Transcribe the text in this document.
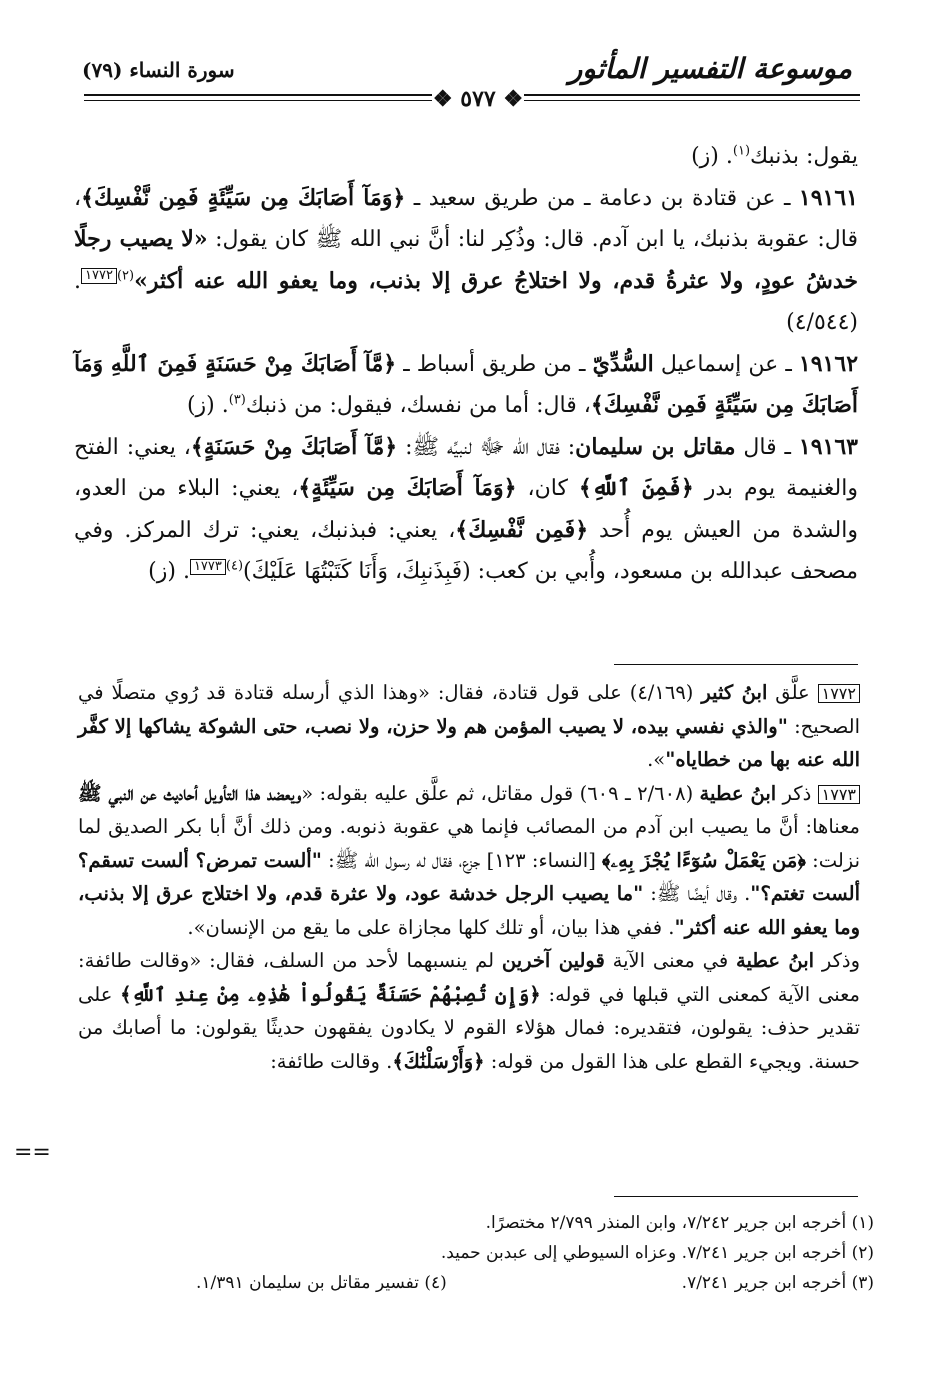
موسوعة التفسير المأثور
سورة النساء (٧٩)
❖ ٥٧٧ ❖

يقول: بذنبك$^{(١)}$. (ز)

١٩١٦١ ـ عن قتادة بن دعامة ـ من طريق سعيد ـ ﴿وَمَآ أَصَابَكَ مِن سَيِّئَةٍ فَمِن نَّفْسِكَ﴾، قال: عقوبة بذنبك، يا ابن آدم. قال: وذُكِر لنا: أنَّ نبي الله ﷺ كان يقول: «لا يصيب رجلًا خدشُ عودٍ، ولا عثرةُ قدم، ولا اختلاجُ عرق إلا بذنب، وما يعفو الله عنه أكثر»$^{(٢)}$١٧٧٢. (٤/٥٤٤)

١٩١٦٢ ـ عن إسماعيل السُّدِّيّ ـ من طريق أسباط ـ ﴿مَّآ أَصَابَكَ مِنْ حَسَنَةٍ فَمِنَ ٱللَّهِ وَمَآ أَصَابَكَ مِن سَيِّئَةٍ فَمِن نَّفْسِكَ﴾، قال: أما من نفسك، فيقول: من ذنبك$^{(٣)}$. (ز)

١٩١٦٣ ـ قال مقاتل بن سليمان: فقال الله ﷻ لنبيِّه ﷺ: ﴿مَّآ أَصَابَكَ مِنْ حَسَنَةٍ﴾، يعني: الفتح والغنيمة يوم بدر ﴿فَمِنَ ٱللَّهِ﴾ كان، ﴿وَمَآ أَصَابَكَ مِن سَيِّئَةٍ﴾، يعني: البلاء من العدو، والشدة من العيش يوم أُحد ﴿فَمِن نَّفْسِكَ﴾، يعني: فبذنبك، يعني: ترك المركز. وفي مصحف عبدالله بن مسعود، وأُبي بن كعب: (فَبِذَنبِكَ، وَأَنَا كَتَبْتُهَا عَلَيْكَ)$^{(٤)}$١٧٧٣. (ز)

١٧٧٢ علَّق ابنُ كثير (٤/١٦٩) على قول قتادة، فقال: «وهذا الذي أرسله قتادة قد رُوي متصلًا في الصحيح: "والذي نفسي بيده، لا يصيب المؤمن هم ولا حزن، ولا نصب، حتى الشوكة يشاكها إلا كفَّر الله عنه بها من خطاياه"».

١٧٧٣ ذكر ابنُ عطية (٢/٦٠٨ ـ ٦٠٩) قول مقاتل، ثم علَّق عليه بقوله: «ويعضد هذا التأويل أحاديث عن النبي ﷺ معناها: أنَّ ما يصيب ابن آدم من المصائب فإنما هي عقوبة ذنوبه. ومن ذلك أنَّ أبا بكر الصديق لما نزلت: ﴿مَن يَعْمَلْ سُوٓءًا يُجْزَ بِهِۦ﴾ [النساء: ١٢٣] جزع، فقال له رسول الله ﷺ: "ألست تمرض؟ ألست تسقم؟ ألست تغتم؟". وقال أيضًا ﷺ: "ما يصيب الرجل خدشة عود، ولا عثرة قدم، ولا اختلاج عرق إلا بذنب، وما يعفو الله عنه أكثر". ففي هذا بيان، أو تلك كلها مجازاة على ما يقع من الإنسان».

وذكر ابنُ عطية في معنى الآية قولين آخرين لم ينسبهما لأحد من السلف، فقال: «وقالت طائفة: معنى الآية كمعنى التي قبلها في قوله: ﴿وَإِن تُصِبْهُمْ حَسَنَةٌ يَقُولُواْ هَٰذِهِۦ مِنْ عِندِ ٱللَّهِ﴾ على تقدير حذف: يقولون، فتقديره: فمال هؤلاء القوم لا يكادون يفقهون حديثًا يقولون: ما أصابك من حسنة. ويجيء القطع على هذا القول من قوله: ﴿وَأَرْسَلْنَٰكَ﴾. وقالت طائفة:

==

(١) أخرجه ابن جرير ٧/٢٤٢، وابن المنذر ٢/٧٩٩ مختصرًا.

(٢) أخرجه ابن جرير ٧/٢٤١. وعزاه السيوطي إلى عبدبن حميد.

(٣) أخرجه ابن جرير ٧/٢٤١.

(٤) تفسير مقاتل بن سليمان ١/٣٩١.
